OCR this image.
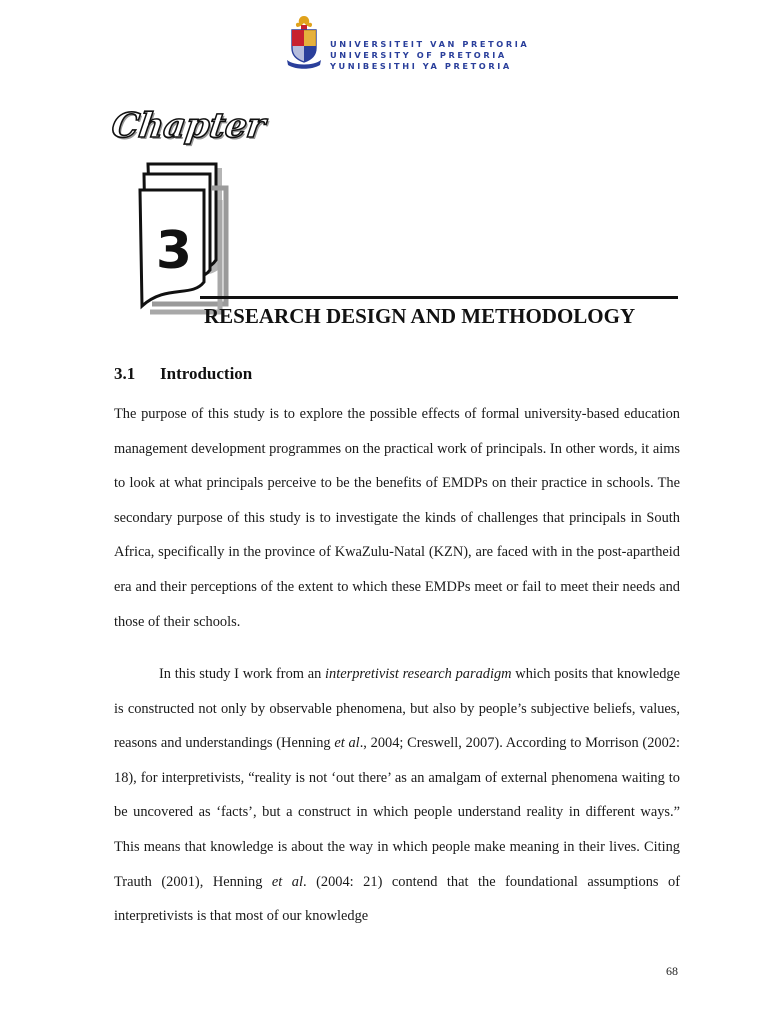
UNIVERSITEIT VAN PRETORIA
UNIVERSITY OF PRETORIA
YUNIBESITHI YA PRETORIA
Chapter
3
RESEARCH DESIGN AND METHODOLOGY
3.1 Introduction
The purpose of this study is to explore the possible effects of formal university-based education management development programmes on the practical work of principals. In other words, it aims to look at what principals perceive to be the benefits of EMDPs on their practice in schools. The secondary purpose of this study is to investigate the kinds of challenges that principals in South Africa, specifically in the province of KwaZulu-Natal (KZN), are faced with in the post-apartheid era and their perceptions of the extent to which these EMDPs meet or fail to meet their needs and those of their schools.
In this study I work from an interpretivist research paradigm which posits that knowledge is constructed not only by observable phenomena, but also by people’s subjective beliefs, values, reasons and understandings (Henning et al., 2004; Creswell, 2007). According to Morrison (2002: 18), for interpretivists, “reality is not ‘out there’ as an amalgam of external phenomena waiting to be uncovered as ‘facts’, but a construct in which people understand reality in different ways.” This means that knowledge is about the way in which people make meaning in their lives. Citing Trauth (2001), Henning et al. (2004: 21) contend that the foundational assumptions of interpretivists is that most of our knowledge
68
